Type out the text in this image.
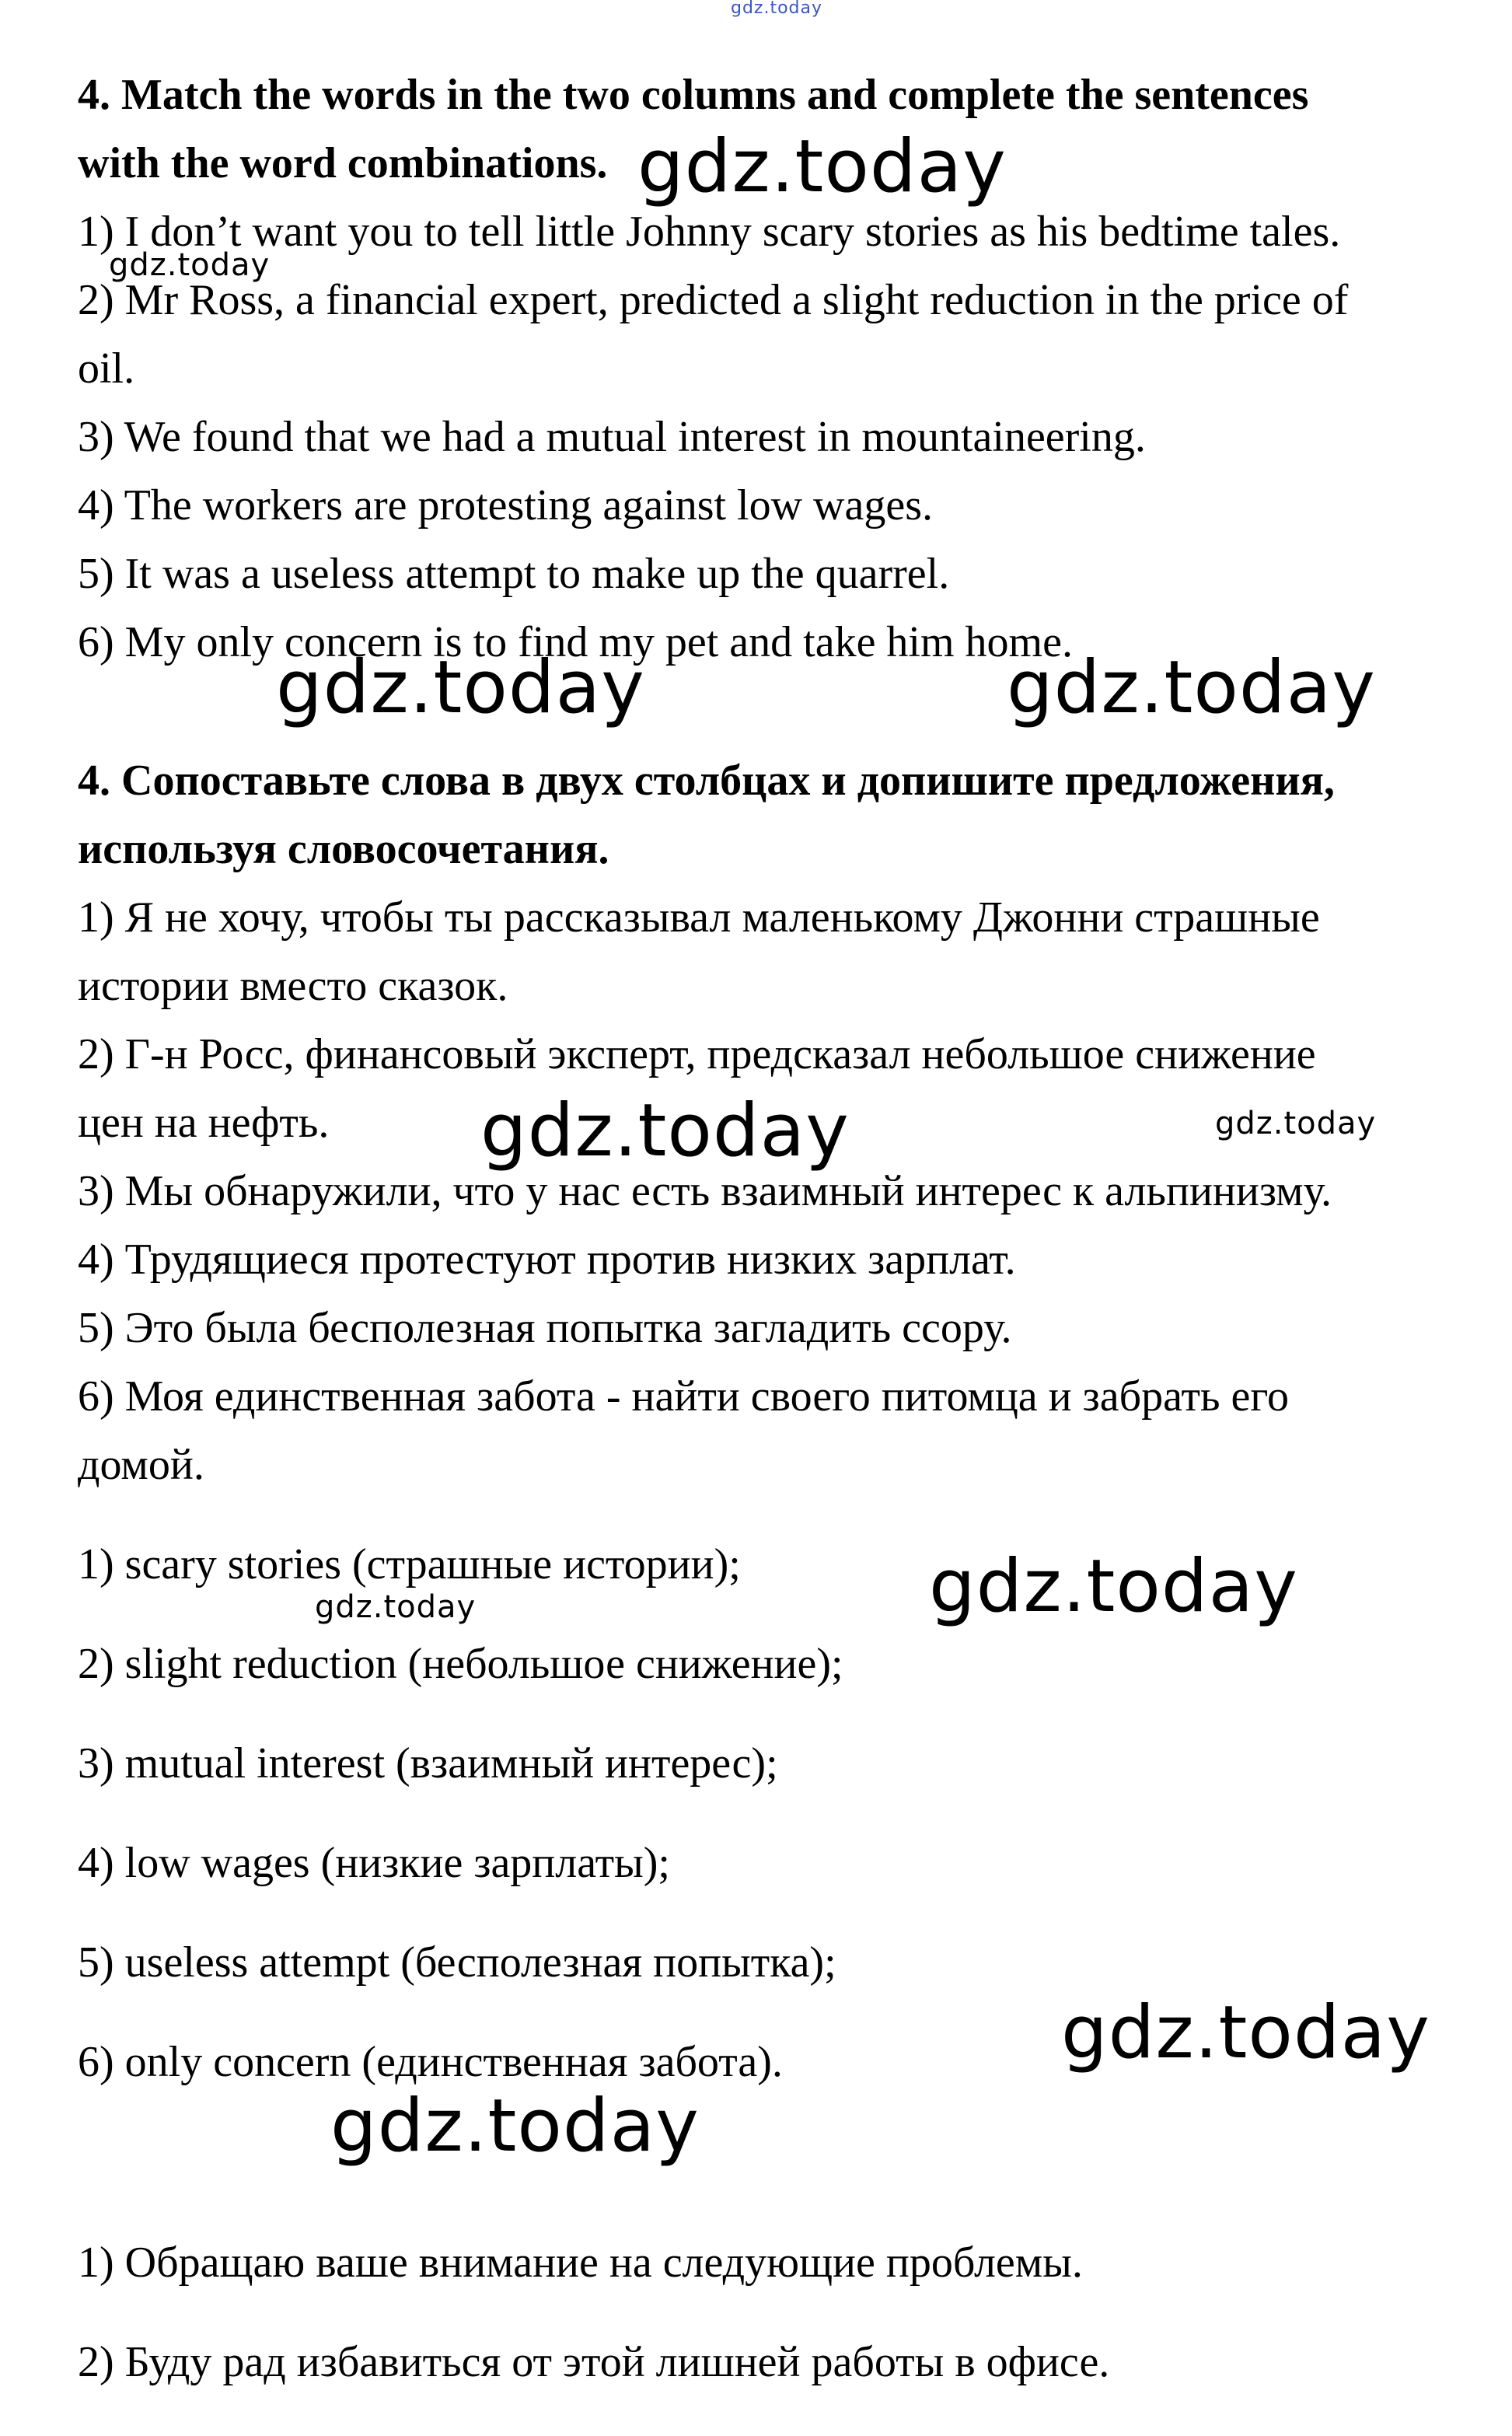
gdz.today
4. Match the words in the two columns and complete the sentences
with the word combinations.
1) I don’t want you to tell little Johnny scary stories as his bedtime tales.
2) Mr Ross, a financial expert, predicted a slight reduction in the price of
oil.
3) We found that we had a mutual interest in mountaineering.
4) The workers are protesting against low wages.
5) It was a useless attempt to make up the quarrel.
6) My only concern is to find my pet and take him home.
4. Сопоставьте слова в двух столбцах и допишите предложения,
используя словосочетания.
1) Я не хочу, чтобы ты рассказывал маленькому Джонни страшные
истории вместо сказок.
2) Г-н Росс, финансовый эксперт, предсказал небольшое снижение
цен на нефть.
3) Мы обнаружили, что у нас есть взаимный интерес к альпинизму.
4) Трудящиеся протестуют против низких зарплат.
5) Это была бесполезная попытка загладить ссору.
6) Моя единственная забота - найти своего питомца и забрать его
домой.
1) scary stories (страшные истории);
2) slight reduction (небольшое снижение);
3) mutual interest (взаимный интерес);
4) low wages (низкие зарплаты);
5) useless attempt (бесполезная попытка);
6) only concern (единственная забота).
1) Обращаю ваше внимание на следующие проблемы.
2) Буду рад избавиться от этой лишней работы в офисе.
gdz.today
gdz.today
gdz.today	gdz.today
gdz.today	gdz.today
gdz.today
gdz.today
gdz.today
gdz.today
